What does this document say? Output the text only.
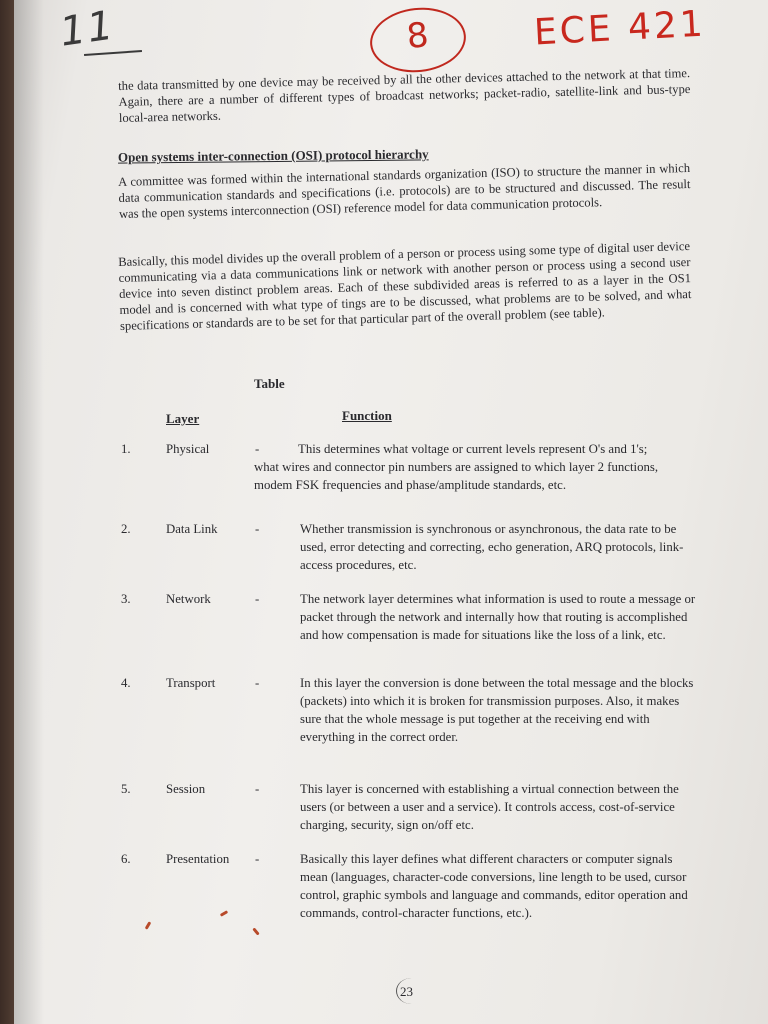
11	8	ECE 421
the data transmitted by one device may be received by all the other devices attached to the network at that time. Again, there are a number of different types of broadcast networks; packet-radio, satellite-link and bus-type local-area networks.
Open systems inter-connection (OSI) protocol hierarchy
A committee was formed within the international standards organization (ISO) to structure the manner in which data communication standards and specifications (i.e. protocols) are to be structured and discussed. The result was the open systems interconnection (OSI) reference model for data communication protocols.
Basically, this model divides up the overall problem of a person or process using some type of digital user device communicating via a data communications link or network with another person or process using a second user device into seven distinct problem areas. Each of these subdivided areas is referred to as a layer in the OS1 model and is concerned with what type of tings are to be discussed, what problems are to be solved, and what specifications or standards are to be set for that particular part of the overall problem (see table).
Table
Layer	Function
1.	Physical	-	This determines what voltage or current levels represent O's and 1's; what wires and connector pin numbers are assigned to which layer 2 functions, modem FSK frequencies and phase/amplitude standards, etc.
2.	Data Link	-	Whether transmission is synchronous or asynchronous, the data rate to be used, error detecting and correcting, echo generation, ARQ protocols, link-access procedures, etc.
3.	Network	-	The network layer determines what information is used to route a message or packet through the network and internally how that routing is accomplished and how compensation is made for situations like the loss of a link, etc.
4.	Transport	-	In this layer the conversion is done between the total message and the blocks (packets) into which it is broken for transmission purposes. Also, it makes sure that the whole message is put together at the receiving end with everything in the correct order.
5.	Session	-	This layer is concerned with establishing a virtual connection between the users (or between a user and a service). It controls access, cost-of-service charging, security, sign on/off etc.
6.	Presentation -	Basically this layer defines what different characters or computer signals mean (languages, character-code conversions, line length to be used, cursor control, graphic symbols and language and commands, editor operation and commands, control-character functions, etc.).
23
